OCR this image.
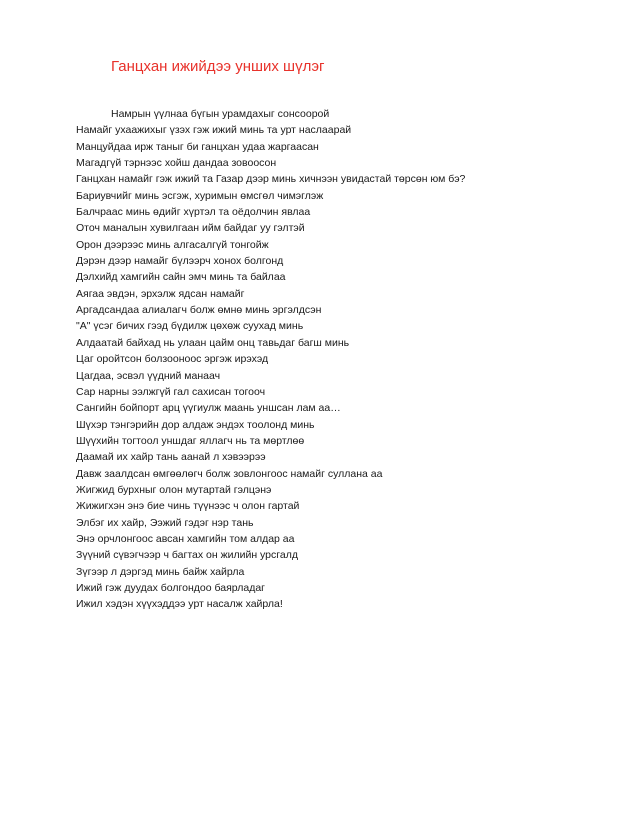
Ганцхан ижийдээ унших шүлэг
Намрын үүлнаа бүгын урамдахыг сонсоорой
Намайг ухаажихыг үзэх гэж ижий минь та урт наслаарай
Манцуйдаа ирж таныг би ганцхан удаа жаргаасан
Магадгүй тэрнээс хойш дандаа зовоосон
Ганцхан намайг гэж ижий та Газар дээр минь хичнээн увидастай төрсөн юм бэ?
Бариувчийг минь эсгэж, хуримын өмсгөл чимэглэж
Балчраас минь өдийг хүртэл та оёдолчин явлаа
Оточ маналын хувилгаан ийм байдаг уу гэлтэй
Орон дээрээс минь алгасалгүй тонгойж
Дэрэн дээр намайг бүлээрч хонох болгонд
Дэлхийд хамгийн сайн эмч минь та байлаа
Аягаа эвдэн, эрхэлж ядсан намайг
Аргадсандаа алиалагч болж өмнө минь эргэлдсэн
"А" үсэг бичих гээд бүдилж цөхөж суухад минь
Алдаатай байхад нь улаан цайм онц тавьдаг багш минь
Цаг оройтсон болзооноос эргэж ирэхэд
Цагдаа, эсвэл үүдний манаач
Сар нарны ээлжгүй гал сахисан тогооч
Сангийн бойпорт арц үүгиулж маань уншсан лам аа…
Шүхэр тэнгэрийн дор алдаж эндэх тоолонд минь
Шүүхийн тогтоол уншдаг яллагч нь та мөртлөө
Даамай их хайр тань аанай л хэвээрээ
Давж заалдсан өмгөөлөгч болж зовлонгоос намайг суллана аа
Жигжид бурхныг олон мутартай гэлцэнэ
Жижигхэн энэ бие чинь түүнээс ч олон гартай
Элбэг их хайр, Ээжий гэдэг нэр тань
Энэ орчлонгоос авсан хамгийн том алдар аа
Зүүний сүвэгчээр ч багтах он жилийн урсгалд
Зүгээр л дэргэд минь байж хайрла
Ижий гэж дуудах болгондоо баярладаг
Ижил хэдэн хүүхэддээ урт насалж хайрла!
